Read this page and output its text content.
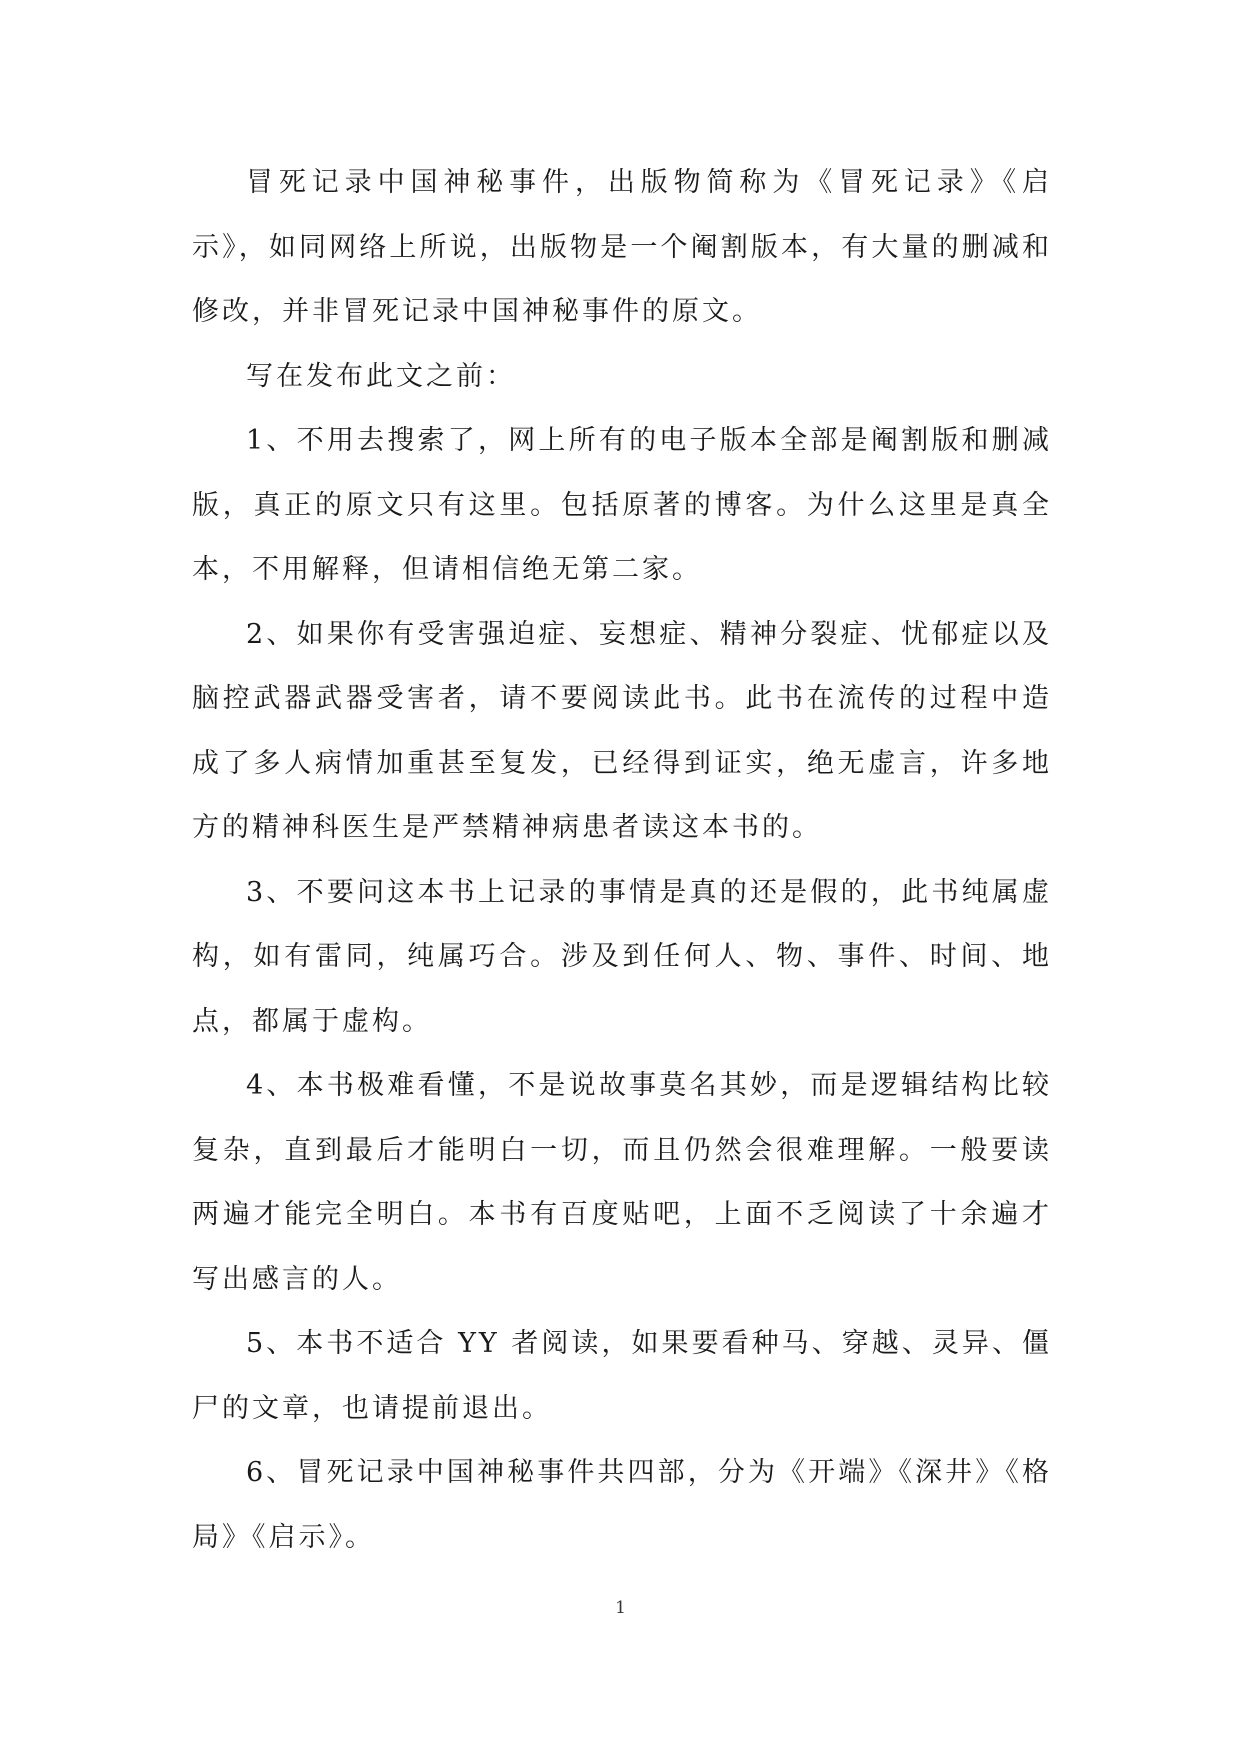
冒死记录中国神秘事件，出版物简称为《冒死记录》《启示》，如同网络上所说，出版物是一个阉割版本，有大量的删减和修改，并非冒死记录中国神秘事件的原文。

写在发布此文之前：

1、不用去搜索了，网上所有的电子版本全部是阉割版和删减版，真正的原文只有这里。包括原著的博客。为什么这里是真全本，不用解释，但请相信绝无第二家。

2、如果你有受害强迫症、妄想症、精神分裂症、忧郁症以及脑控武器武器受害者，请不要阅读此书。此书在流传的过程中造成了多人病情加重甚至复发，已经得到证实，绝无虚言，许多地方的精神科医生是严禁精神病患者读这本书的。

3、不要问这本书上记录的事情是真的还是假的，此书纯属虚构，如有雷同，纯属巧合。涉及到任何人、物、事件、时间、地点，都属于虚构。

4、本书极难看懂，不是说故事莫名其妙，而是逻辑结构比较复杂，直到最后才能明白一切，而且仍然会很难理解。一般要读两遍才能完全明白。本书有百度贴吧，上面不乏阅读了十余遍才写出感言的人。

5、本书不适合 YY 者阅读，如果要看种马、穿越、灵异、僵尸的文章，也请提前退出。

6、冒死记录中国神秘事件共四部，分为《开端》《深井》《格局》《启示》。

1
